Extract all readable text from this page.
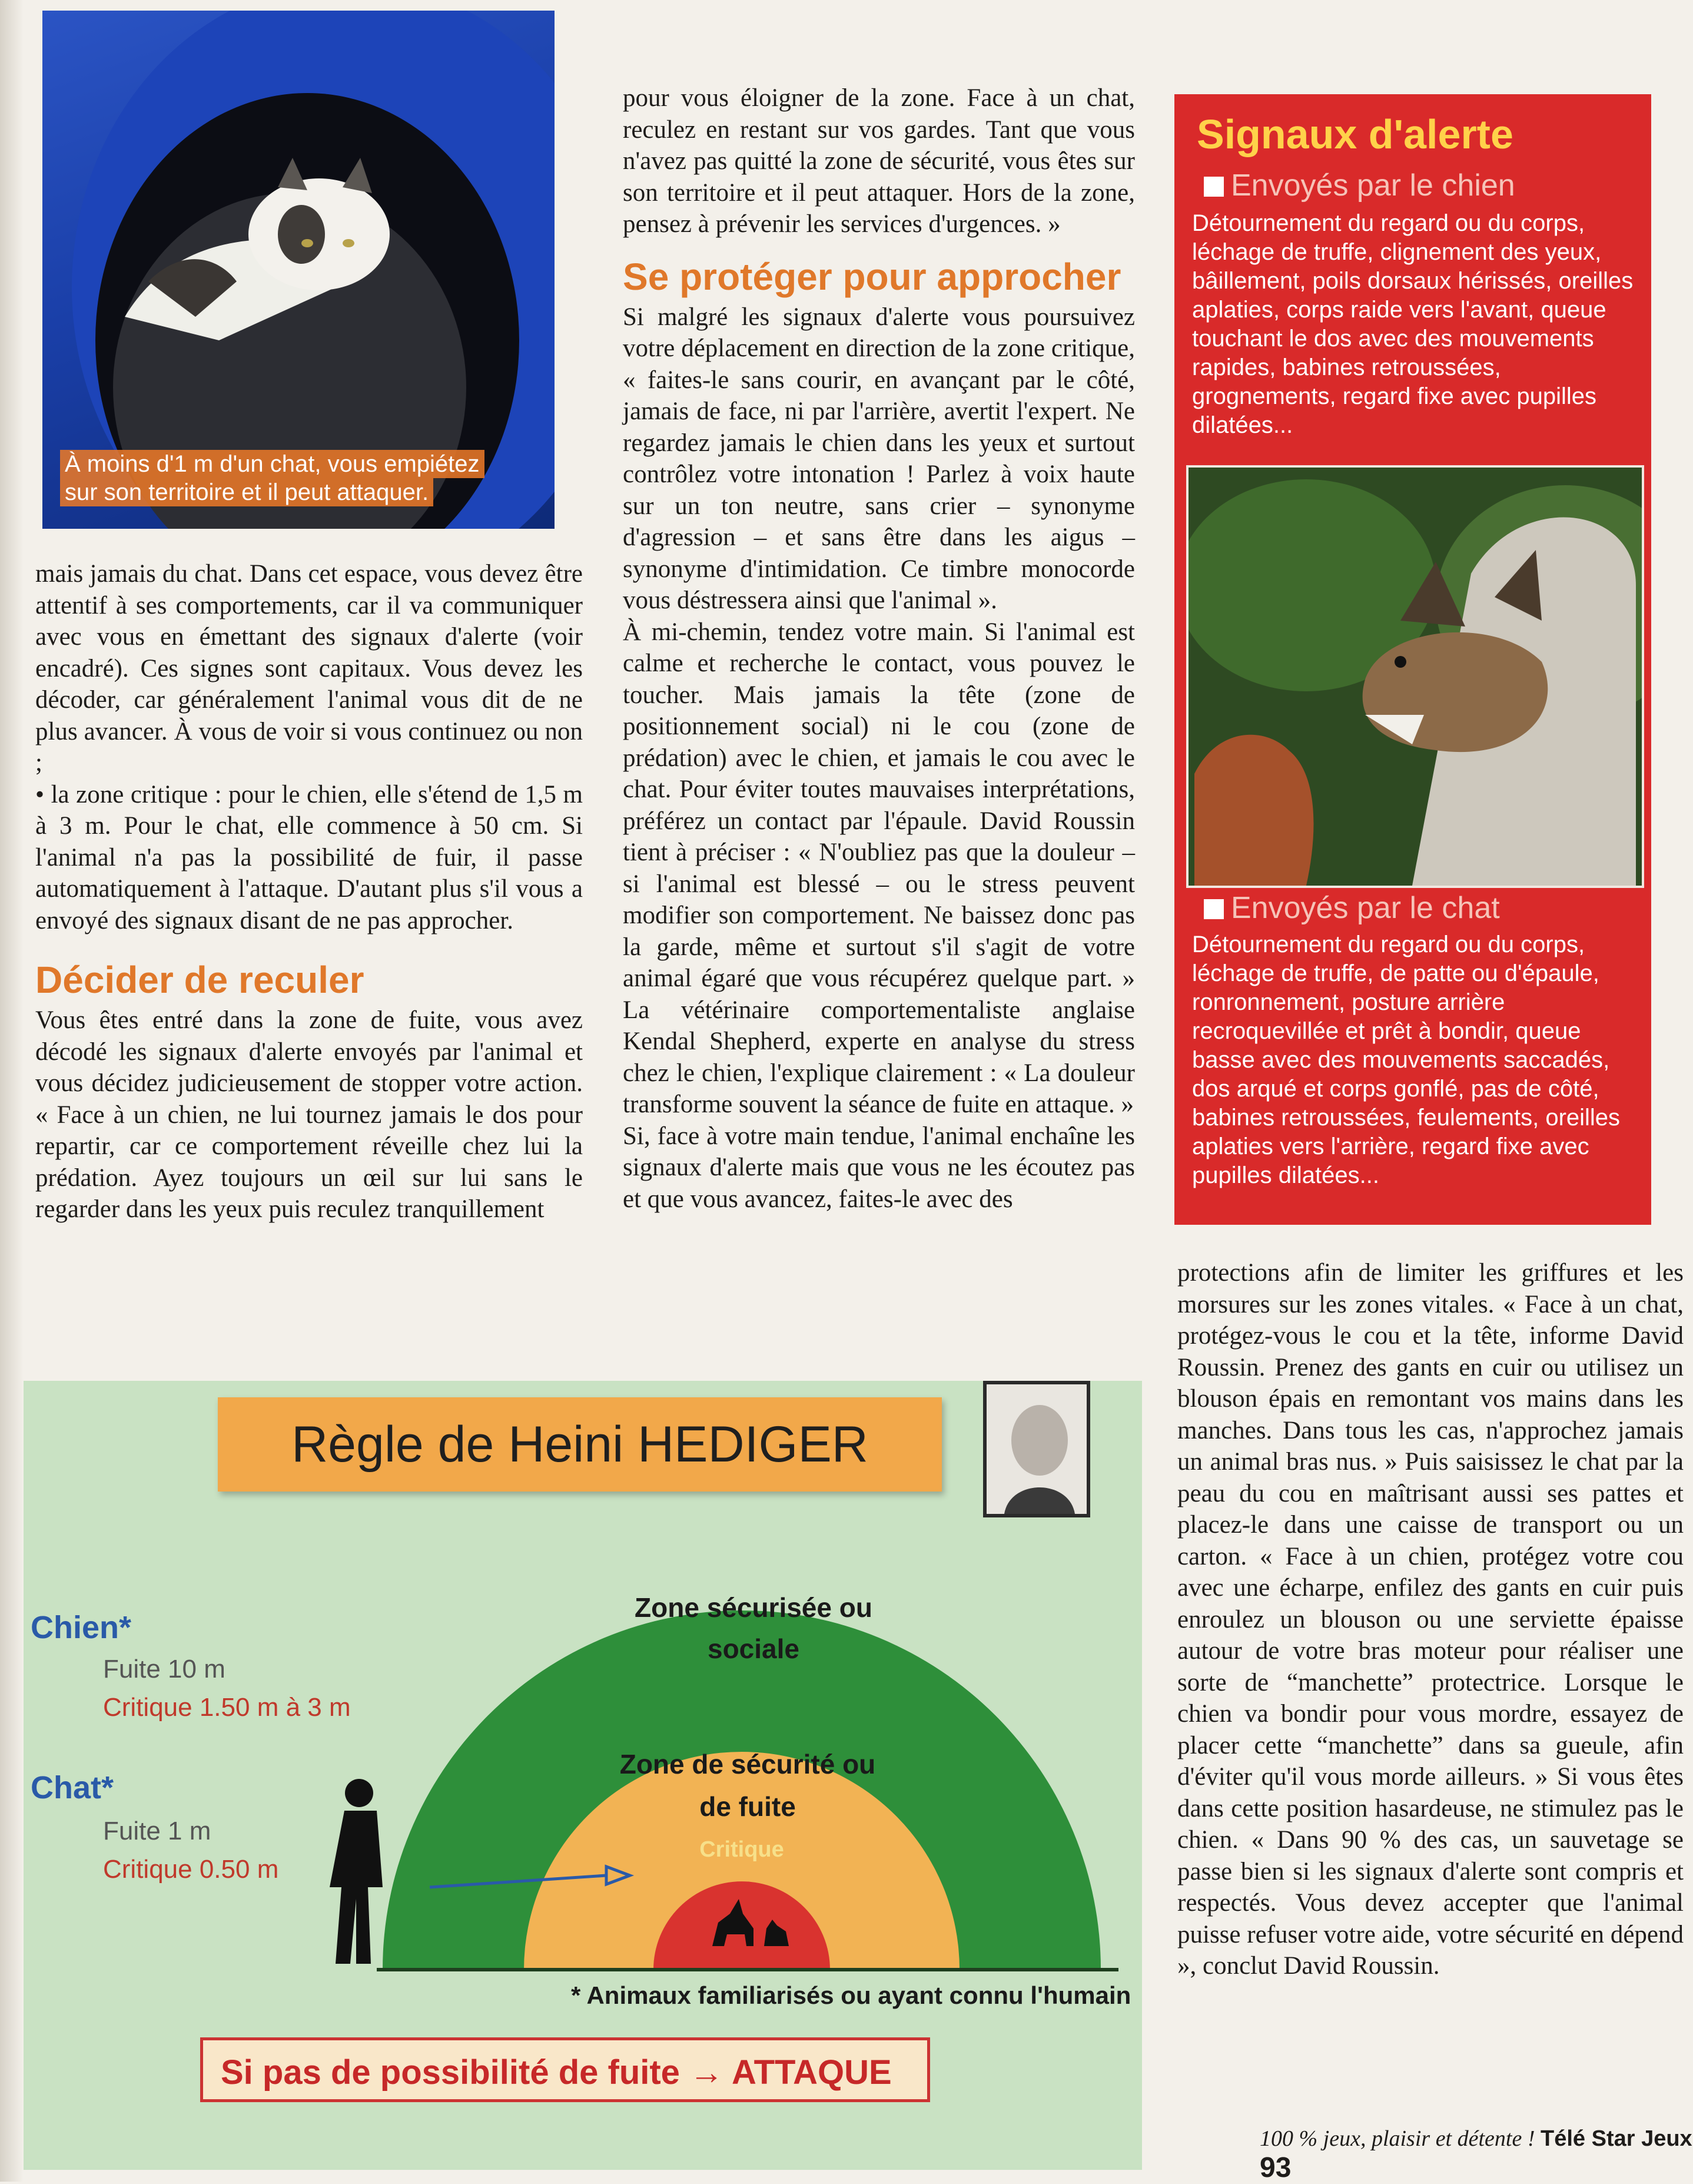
À moins d'1 m d'un chat, vous empiétez
sur son territoire et il peut attaquer.

mais jamais du chat. Dans cet espace, vous devez être attentif à ses comportements, car il va communiquer avec vous en émettant des signaux d'alerte (voir encadré). Ces signes sont capitaux. Vous devez les décoder, car généralement l'animal vous dit de ne plus avancer. À vous de voir si vous continuez ou non ;

• la zone critique : pour le chien, elle s'étend de 1,5 m à 3 m. Pour le chat, elle commence à 50 cm. Si l'animal n'a pas la possibilité de fuir, il passe automatiquement à l'attaque. D'autant plus s'il vous a envoyé des signaux disant de ne pas approcher.

Décider de reculer

Vous êtes entré dans la zone de fuite, vous avez décodé les signaux d'alerte envoyés par l'animal et vous décidez judicieusement de stopper votre action. « Face à un chien, ne lui tournez jamais le dos pour repartir, car ce comportement réveille chez lui la prédation. Ayez toujours un œil sur lui sans le regarder dans les yeux puis reculez tranquillement

pour vous éloigner de la zone. Face à un chat, reculez en restant sur vos gardes. Tant que vous n'avez pas quitté la zone de sécurité, vous êtes sur son territoire et il peut attaquer. Hors de la zone, pensez à prévenir les services d'urgences. »

Se protéger pour approcher

Si malgré les signaux d'alerte vous poursuivez votre déplacement en direction de la zone critique, « faites-le sans courir, en avançant par le côté, jamais de face, ni par l'arrière, avertit l'expert. Ne regardez jamais le chien dans les yeux et surtout contrôlez votre intonation ! Parlez à voix haute sur un ton neutre, sans crier – synonyme d'agression – et sans être dans les aigus – synonyme d'intimidation. Ce timbre monocorde vous déstressera ainsi que l'animal ».

À mi-chemin, tendez votre main. Si l'animal est calme et recherche le contact, vous pouvez le toucher. Mais jamais la tête (zone de positionnement social) ni le cou (zone de prédation) avec le chien, et jamais le cou avec le chat. Pour éviter toutes mauvaises interprétations, préférez un contact par l'épaule. David Roussin tient à préciser : « N'oubliez pas que la douleur – si l'animal est blessé – ou le stress peuvent modifier son comportement. Ne baissez donc pas la garde, même et surtout s'il s'agit de votre animal égaré que vous récupérez quelque part. » La vétérinaire comportementaliste anglaise Kendal Shepherd, experte en analyse du stress chez le chien, l'explique clairement : « La douleur transforme souvent la séance de fuite en attaque. »

Si, face à votre main tendue, l'animal enchaîne les signaux d'alerte mais que vous ne les écoutez pas et que vous avancez, faites-le avec des

protections afin de limiter les griffures et les morsures sur les zones vitales. « Face à un chat, protégez-vous le cou et la tête, informe David Roussin. Prenez des gants en cuir ou utilisez un blouson épais en remontant vos mains dans les manches. Dans tous les cas, n'approchez jamais un animal bras nus. » Puis saisissez le chat par la peau du cou en maîtrisant aussi ses pattes et placez-le dans une caisse de transport ou un carton. « Face à un chien, protégez votre cou avec une écharpe, enfilez des gants en cuir puis enroulez un blouson ou une serviette épaisse autour de votre bras moteur pour réaliser une sorte de “manchette” protectrice. Lorsque le chien va bondir pour vous mordre, essayez de placer cette “manchette” dans sa gueule, afin d'éviter qu'il vous morde ailleurs. » Si vous êtes dans cette position hasardeuse, ne stimulez pas le chien. « Dans 90 % des cas, un sauvetage se passe bien si les signaux d'alerte sont compris et respectés. Vous devez accepter que l'animal puisse refuser votre aide, votre sécurité en dépend », conclut David Roussin.

Signaux d'alerte
Envoyés par le chien
Détournement du regard ou du corps, léchage de truffe, clignement des yeux, bâillement, poils dorsaux hérissés, oreilles aplaties, corps raide vers l'avant, queue touchant le dos avec des mouvements rapides, babines retroussées, grognements, regard fixe avec pupilles dilatées...
Envoyés par le chat
Détournement du regard ou du corps, léchage de truffe, de patte ou d'épaule, ronronnement, posture arrière recroquevillée et prêt à bondir, queue basse avec des mouvements saccadés, dos arqué et corps gonflé, pas de côté, babines retroussées, feulements, oreilles aplaties vers l'arrière, regard fixe avec pupilles dilatées...
Règle de Heini HEDIGER
Chien*
Fuite 10 m
Critique 1.50 m à 3 m
Chat*
Fuite 1 m
Critique 0.50 m
Zone sécurisée ou
sociale
Zone de sécurité ou
de fuite
Critique
* Animaux familiarisés ou ayant connu l'humain
Si pas de possibilité de fuite → ATTAQUE
100 % jeux, plaisir et détente ! Télé Star Jeux 93
